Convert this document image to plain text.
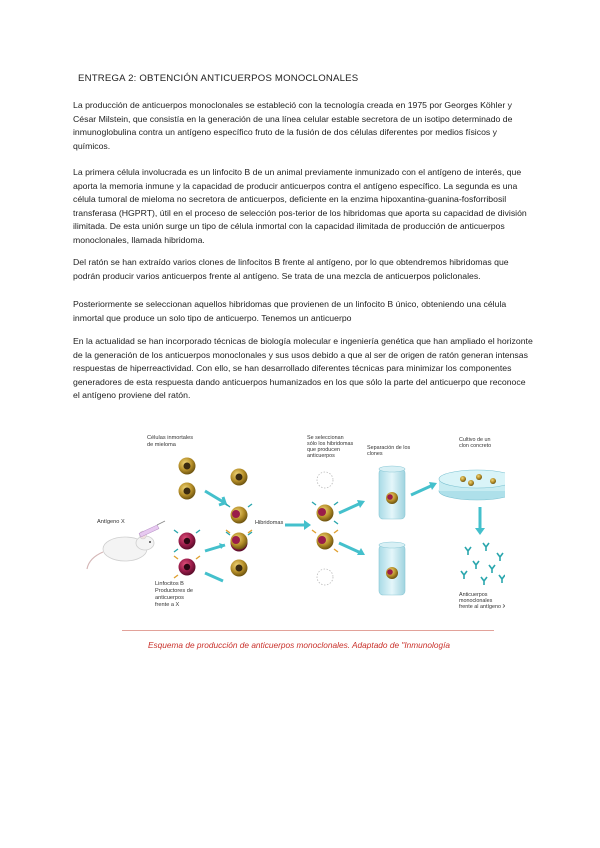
ENTREGA 2: OBTENCIÓN ANTICUERPOS MONOCLONALES

La producción de anticuerpos monoclonales se estableció con la tecnología creada en 1975 por Georges Köhler y César Milstein, que consistía en la generación de una línea celular estable secretora de un isotipo determinado de inmunoglobulina contra un antígeno específico fruto de la fusión de dos células diferentes por medios físicos y químicos.

La primera célula involucrada es un linfocito B de un animal previamente inmunizado con el antígeno de interés, que aporta la memoria inmune y la capacidad de producir anticuerpos contra el antígeno específico. La segunda es una célula tumoral de mieloma no secretora de anticuerpos, deficiente en la enzima hipoxantina-guanina-fosforribosil transferasa (HGPRT), útil en el proceso de selección pos-terior de los hibridomas que aporta su capacidad de división ilimitada. De esta unión surge un tipo de célula inmortal con la capacidad ilimitada de producción de anticuerpos monoclonales, llamada hibridoma.

Del ratón se han extraído varios clones de linfocitos B frente al antígeno, por lo que obtendremos hibridomas que podrán producir varios anticuerpos frente al antígeno. Se trata de una mezcla de anticuerpos policlonales.

Posteriormente se seleccionan aquellos hibridomas que provienen de un linfocito B único, obteniendo una célula inmortal que produce un solo tipo de anticuerpo. Tenemos un anticuerpo

En la actualidad se han incorporado técnicas de biología molecular e ingeniería genética que han ampliado el horizonte de la generación de los anticuerpos monoclonales y sus usos debido a que al ser de origen de ratón generan intensas respuestas de hiperreactividad. Con ello, se han desarrollado diferentes técnicas para minimizar los componentes generadores de esta respuesta dando anticuerpos humanizados en los que sólo la parte del anticuerpo que reconoce el antígeno proviene del ratón.

Células inmortales
de mieloma
Antígeno X
Linfocitos B
Productores de
anticuerpos
frente a X
Hibridomas
Se seleccionan
sólo los hibridomas
que producen
anticuerpos
Separación de los
clones
Cultivo de un
clon concreto
Anticuerpos
monoclonales
frente al antígeno X
Esquema de producción de anticuerpos monoclonales. Adaptado de "Inmunología
